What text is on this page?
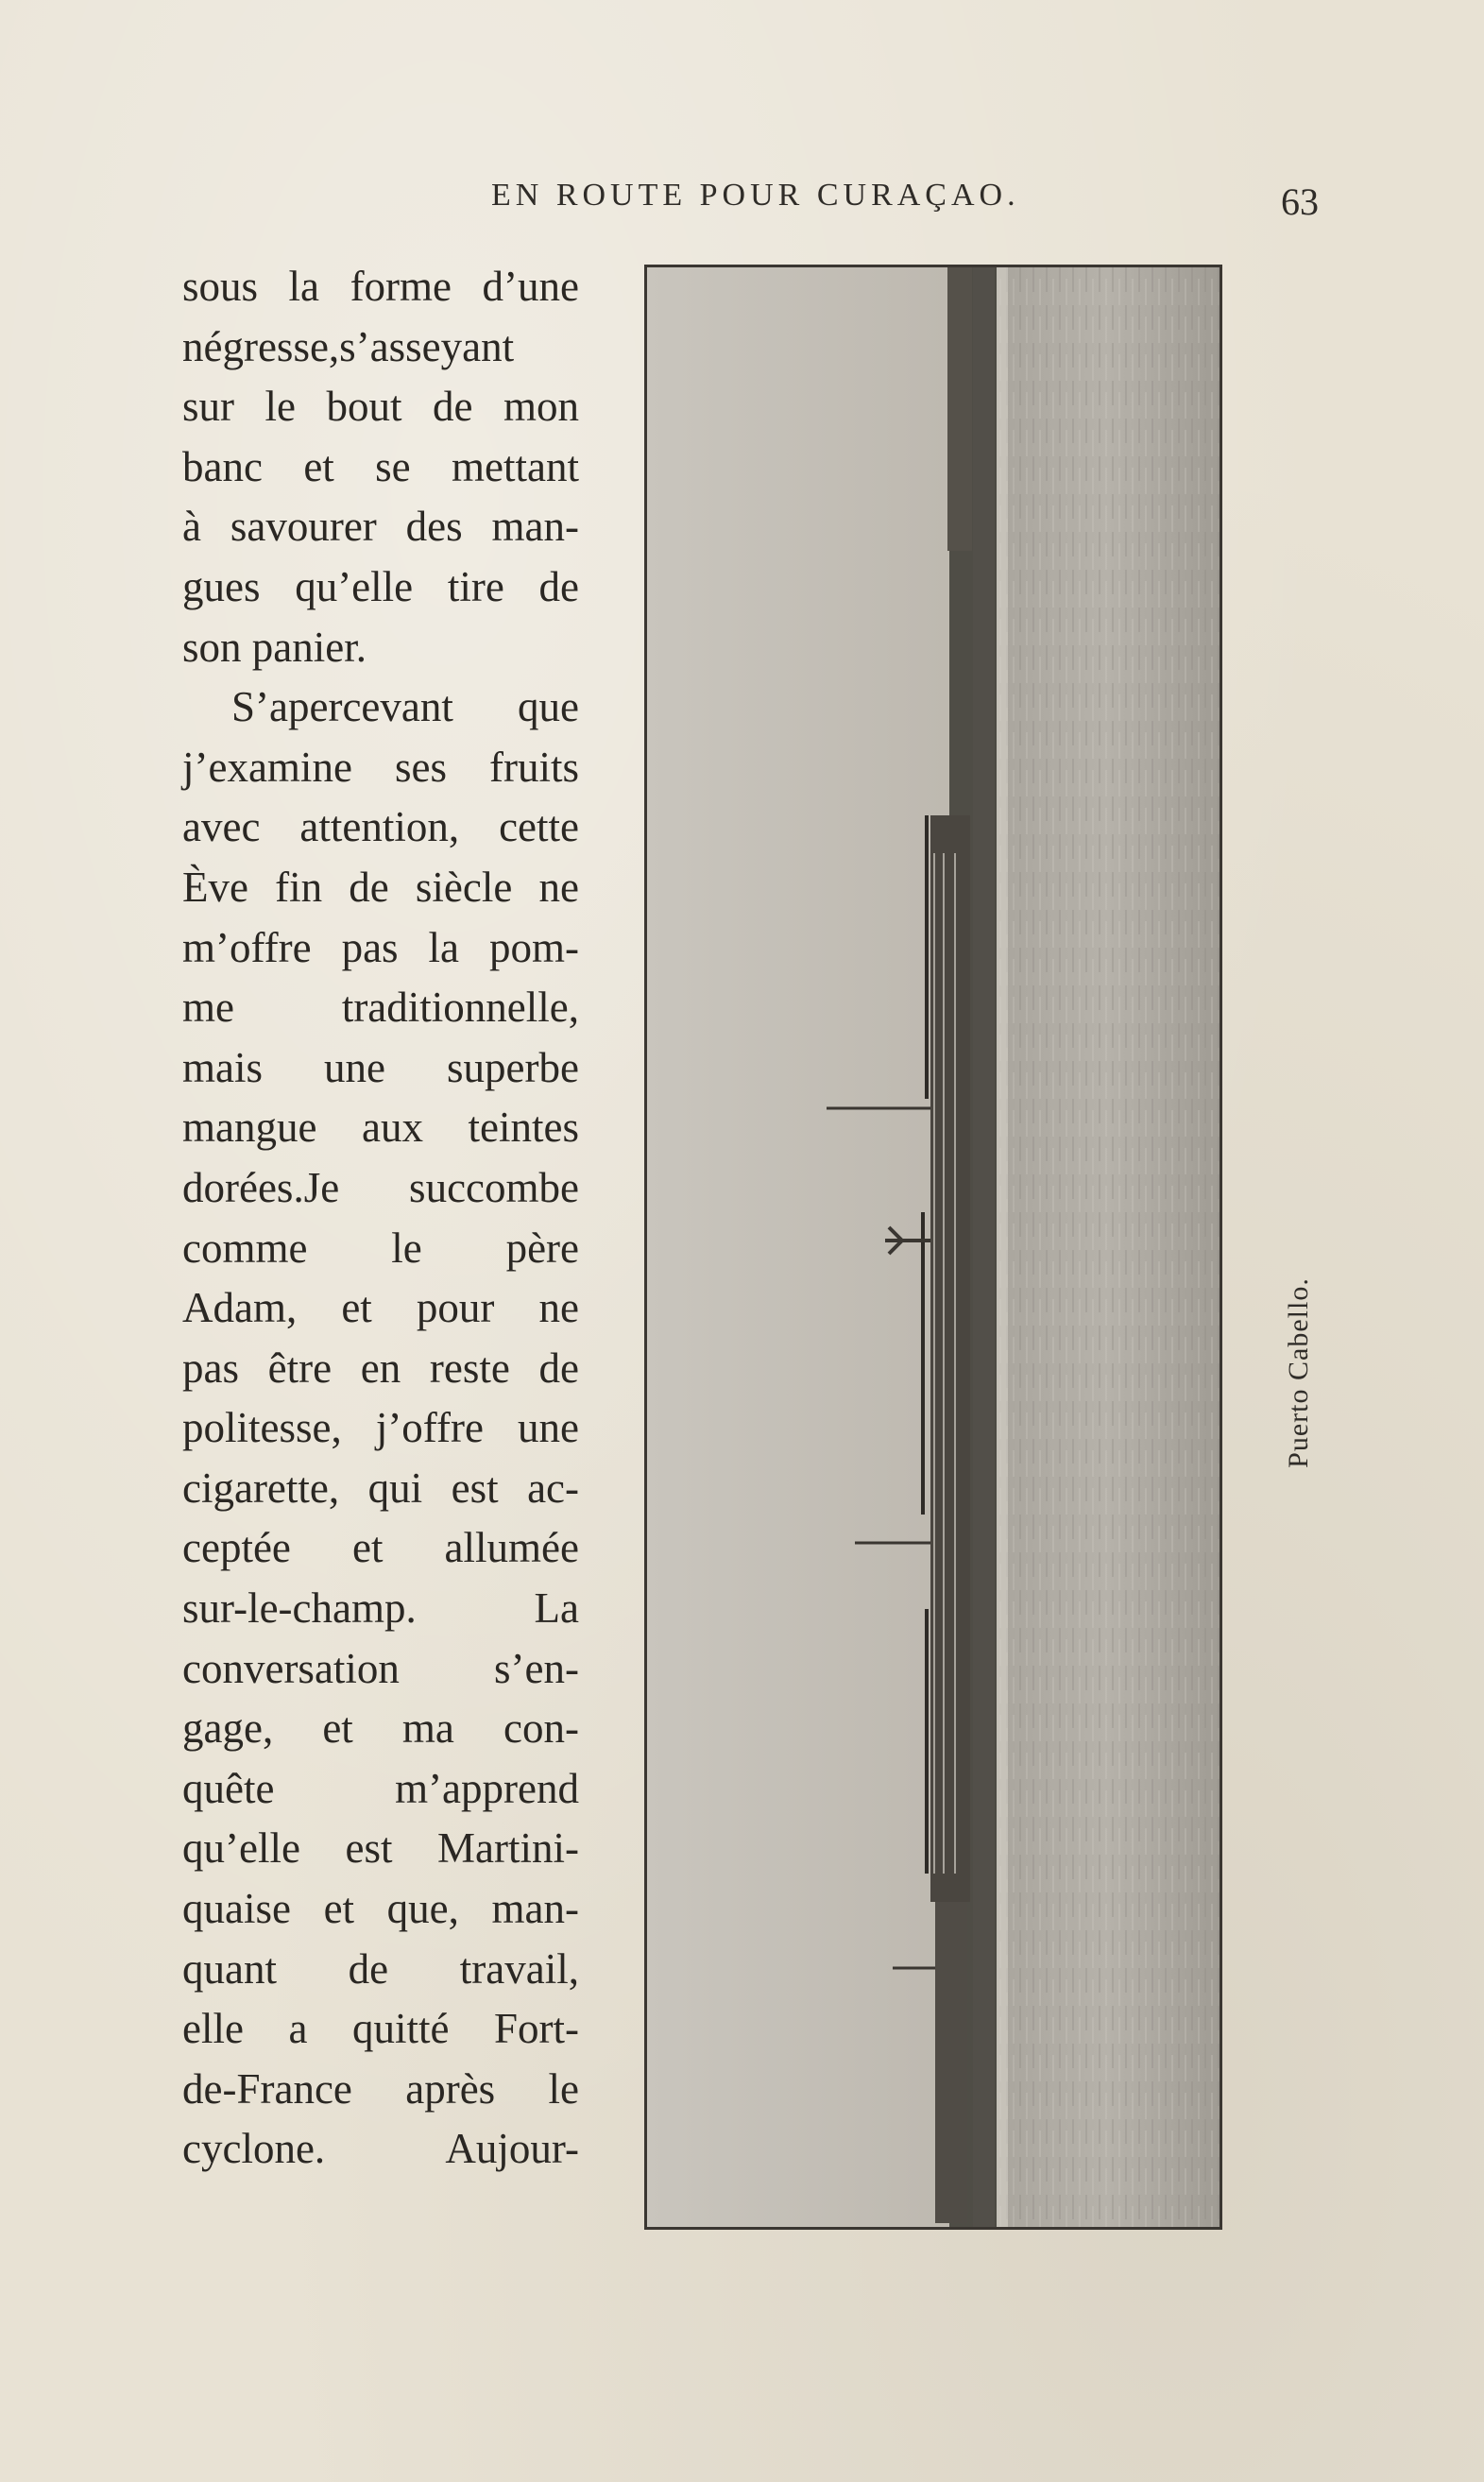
EN ROUTE POUR CURAÇAO.	63
sous la forme d’une
négresse,s’asseyant
sur le bout de mon
banc et se mettant
à savourer des man-
gues qu’elle tire de
son panier.
S’apercevant que
j’examine ses fruits
avec attention, cette
Ève fin de siècle ne
m’offre pas la pom-
me traditionnelle,
mais une superbe
mangue aux teintes
dorées.Je succombe
comme le père
Adam, et pour ne
pas être en reste de
politesse, j’offre une
cigarette, qui est ac-
ceptée et allumée
sur-le-champ. La
conversation s’en-
gage, et ma con-
quête m’apprend
qu’elle est Martini-
quaise et que, man-
quant de travail,
elle a quitté Fort-
de-France après le
cyclone. Aujour-
Puerto Cabello.
